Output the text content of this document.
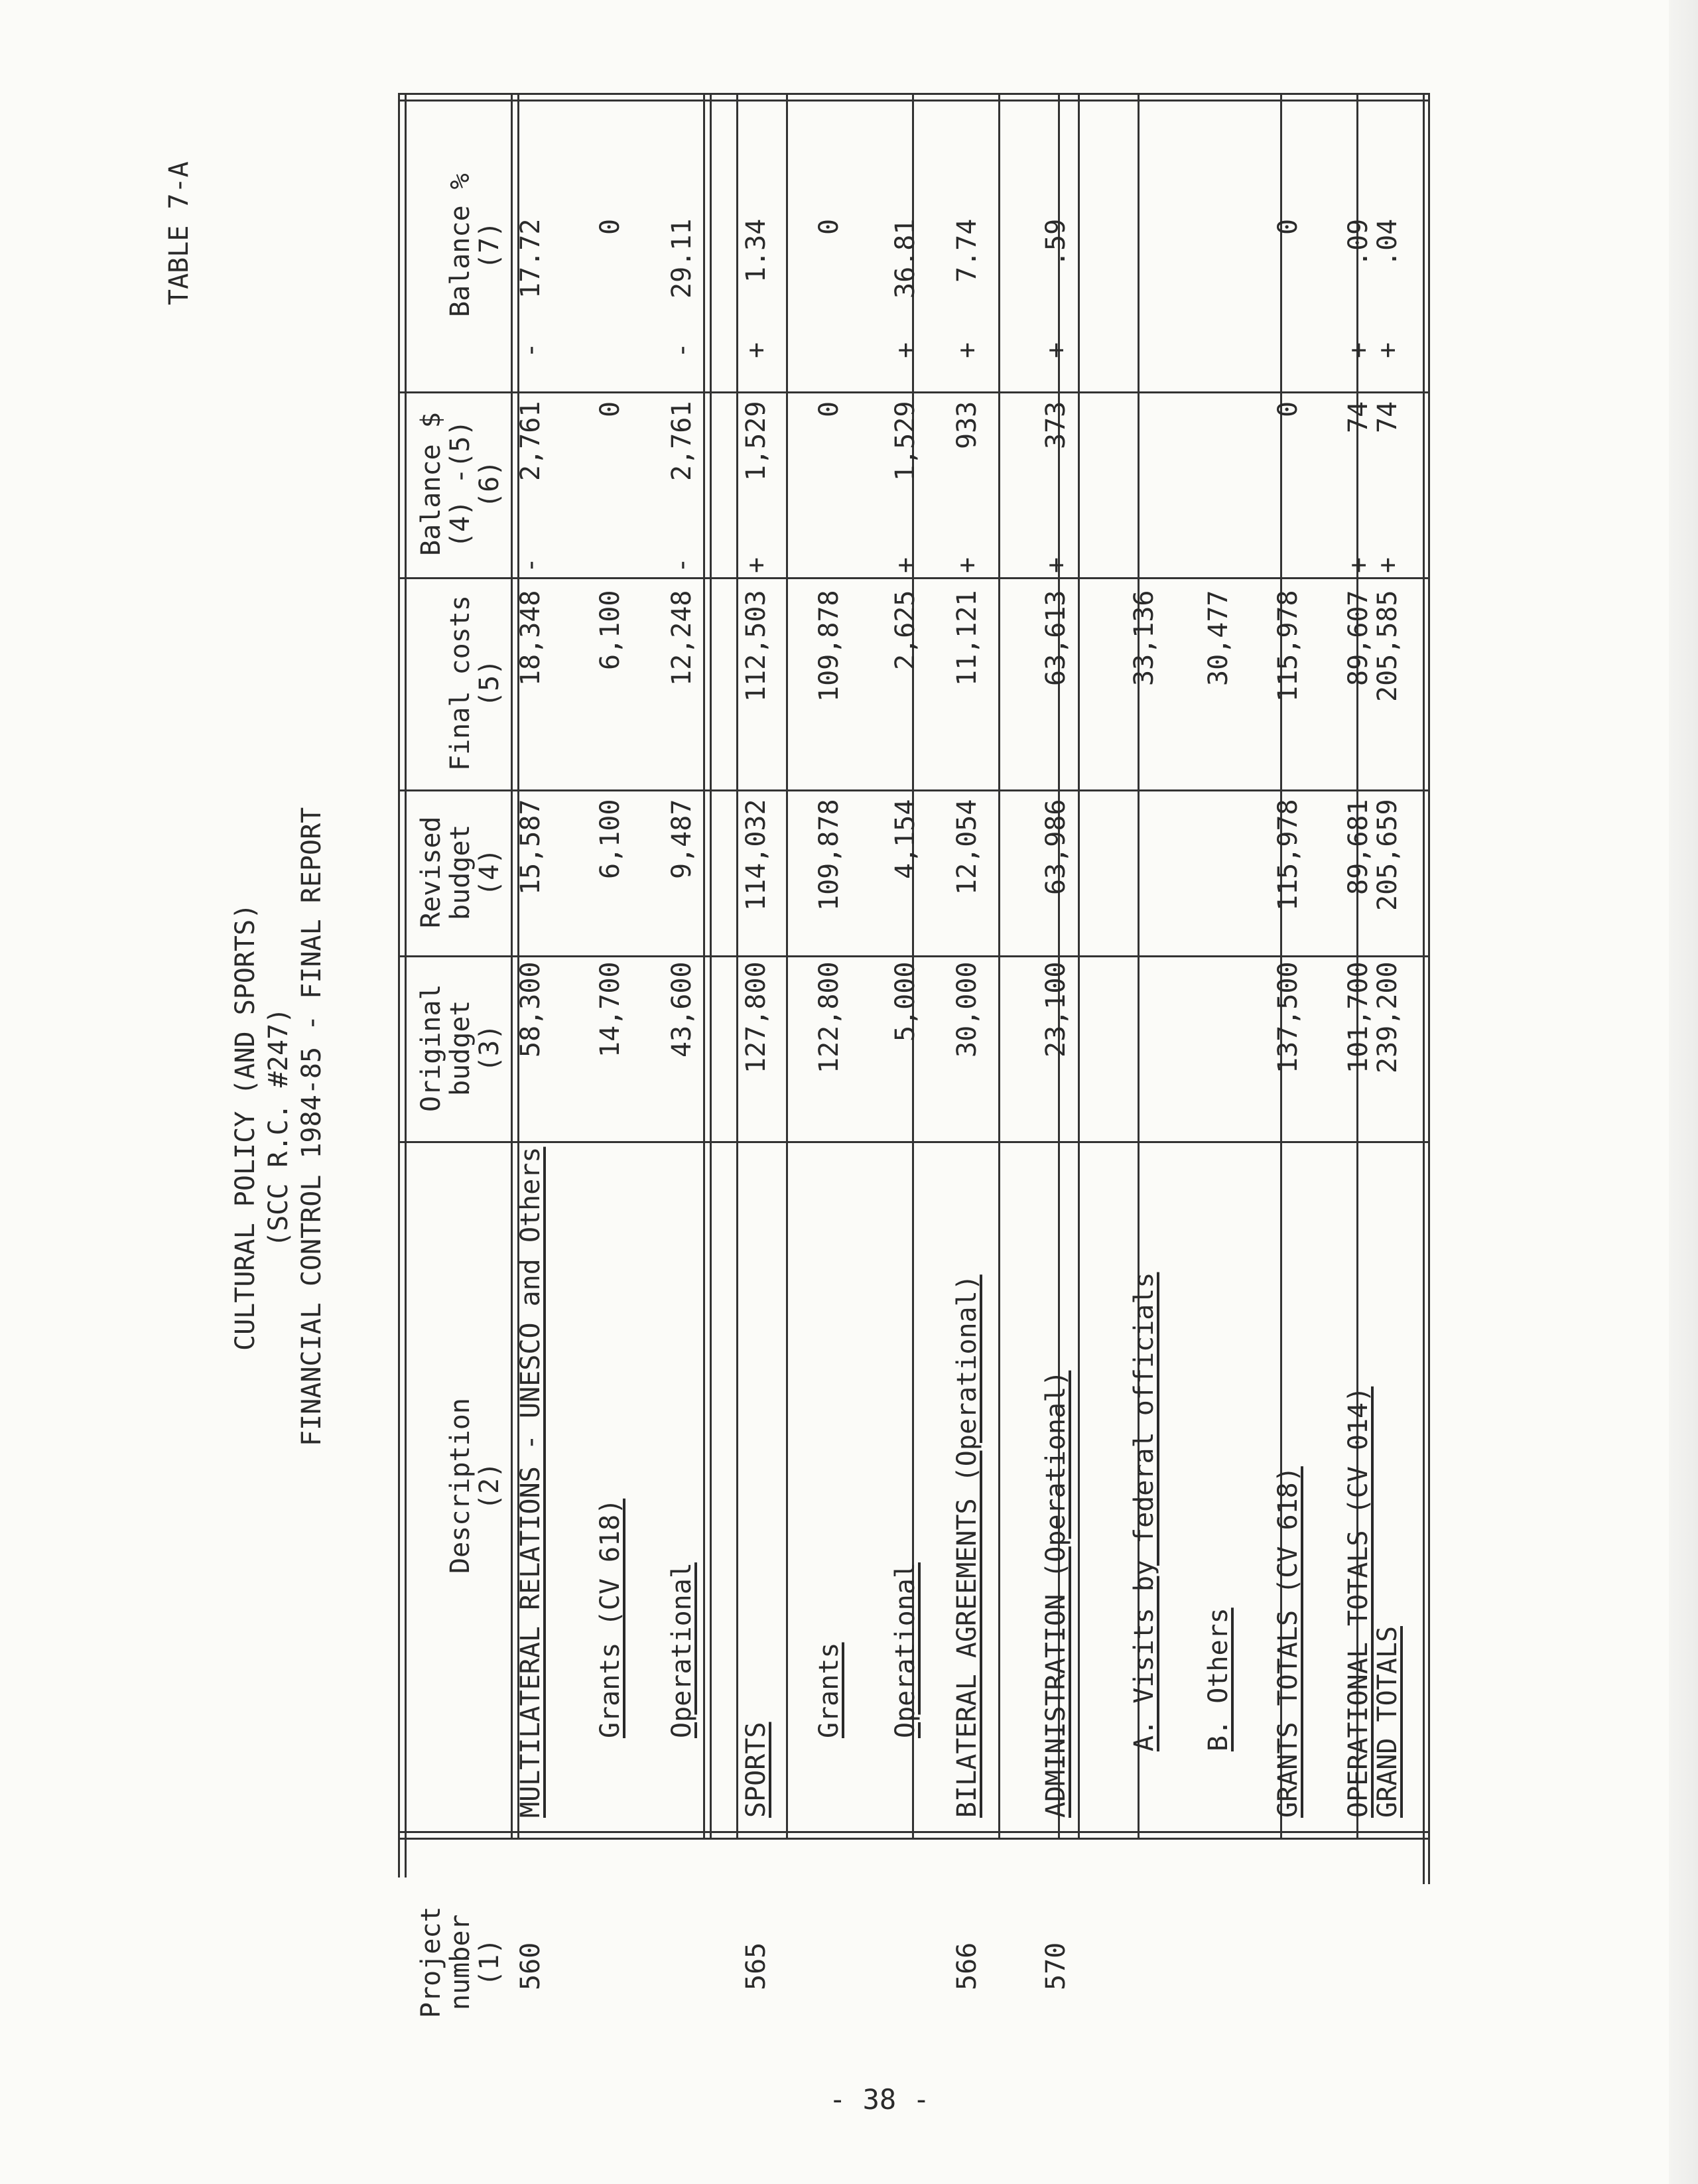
- 38 -
Project
number
(1)
Description
(2)
Original
budget
(3)
Revised
budget
(4)
Final costs
(5)
Balance $
(4) -(5)
(6)
Balance %
(7)
560
MULTILATERAL RELATIONS - UNESCO and Others
58,300
15,587
18,348
-
2,761
-
17.72
Grants (CV 618)
14,700
6,100
6,100
0
0
Operational
43,600
9,487
12,248
-
2,761
-
29.11
565
SPORTS
127,800
114,032
112,503
+
1,529
+
1.34
Grants
122,800
109,878
109,878
0
0
Operational
5,000
4,154
2,625
+
1,529
+
36.81
566
BILATERAL AGREEMENTS (Operational)
30,000
12,054
11,121
+
933
+
7.74
570
ADMINISTRATION (Operational)
23,100
63,986
63,613
+
373
+
.59
A. Visits by federal officials
33,136
B. Others
30,477
GRANTS TOTALS (CV 618)
137,500
115,978
115,978
0
0
OPERATIONAL TOTALS (CV 014)
101,700
89,681
89,607
+
74
+
.09
GRAND TOTALS
239,200
205,659
205,585
+
74
+
.04
CULTURAL POLICY (AND SPORTS) (SCC R.C. #247) FINANCIAL CONTROL 1984-85 - FINAL REPORT
TABLE 7-A
